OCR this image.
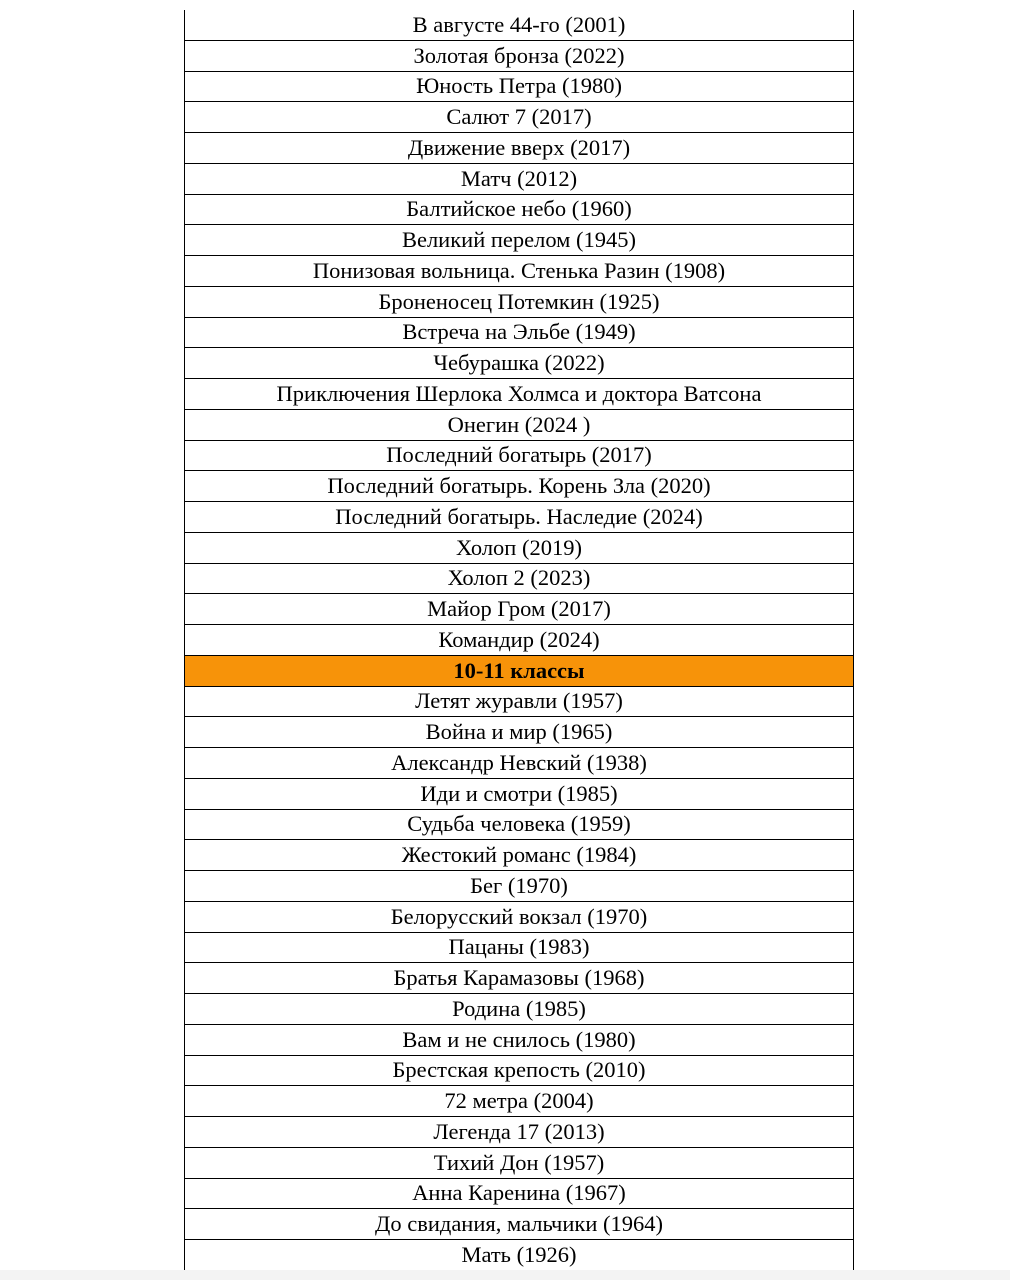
В августе 44-го (2001)
Золотая бронза (2022)
Юность Петра (1980)
Салют 7 (2017)
Движение вверх (2017)
Матч (2012)
Балтийское небо (1960)
Великий перелом (1945)
Понизовая вольница. Стенька Разин (1908)
Броненосец Потемкин (1925)
Встреча на Эльбе (1949)
Чебурашка (2022)
Приключения Шерлока Холмса и доктора Ватсона
Онегин (2024 )
Последний богатырь (2017)
Последний богатырь. Корень Зла (2020)
Последний богатырь. Наследие (2024)
Холоп (2019)
Холоп 2 (2023)
Майор Гром (2017)
Командир (2024)
10-11 классы
Летят журавли (1957)
Война и мир (1965)
Александр Невский (1938)
Иди и смотри (1985)
Судьба человека (1959)
Жестокий романс (1984)
Бег (1970)
Белорусский вокзал (1970)
Пацаны (1983)
Братья Карамазовы (1968)
Родина (1985)
Вам и не снилось (1980)
Брестская крепость (2010)
72 метра (2004)
Легенда 17 (2013)
Тихий Дон (1957)
Анна Каренина (1967)
До свидания, мальчики (1964)
Мать (1926)
